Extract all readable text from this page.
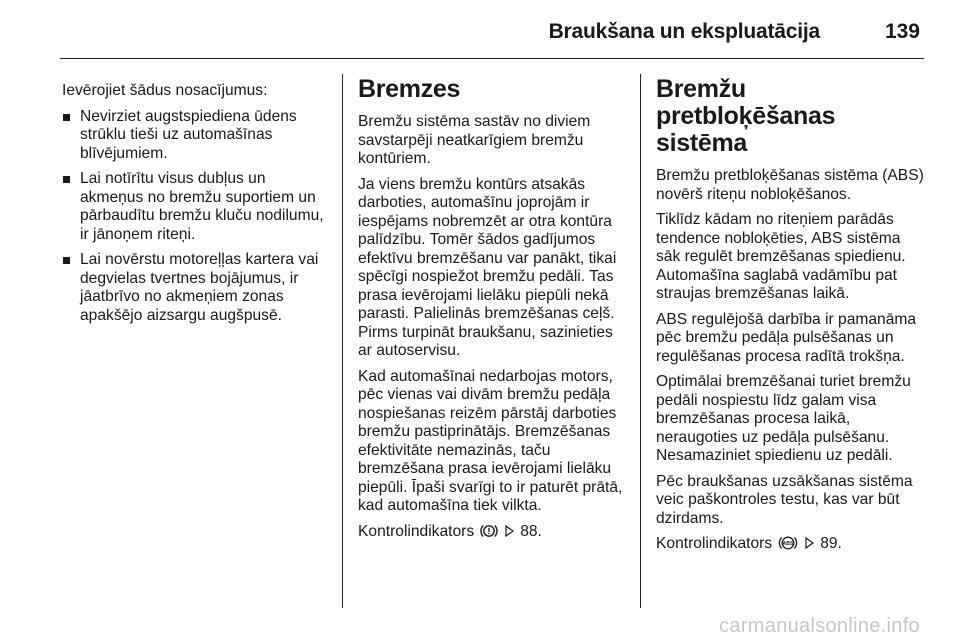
Braukšana un ekspluatācija	139

Ievērojiet šādus nosacījumus:

Nevirziet augstspiediena ūdens strūklu tieši uz automašīnas blīvējumiem.
Lai notīrītu visus dubļus un akmeņus no bremžu suportiem un pārbaudītu bremžu kluču nodilumu, ir jānoņem riteņi.
Lai novērstu motoreļļas kartera vai degvielas tvertnes bojājumus, ir jāatbrīvo no akmeņiem zonas apakšējo aizsargu augšpusē.
Bremzes

Bremžu sistēma sastāv no diviem savstarpēji neatkarīgiem bremžu kontūriem.

Ja viens bremžu kontūrs atsakās darboties, automašīnu joprojām ir iespējams nobremzēt ar otra kontūra palīdzību. Tomēr šādos gadījumos efektīvu bremzēšanu var panākt, tikai spēcīgi nospiežot bremžu pedāli. Tas prasa ievērojami lielāku piepūli nekā parasti. Palielinās bremzēšanas ceļš. Pirms turpināt braukšanu, sazinieties ar autoservisu.

Kad automašīnai nedarbojas motors, pēc vienas vai divām bremžu pedāļa nospiešanas reizēm pārstāj darboties bremžu pastiprinātājs. Bremzēšanas efektivitāte nemazinās, taču bremzēšana prasa ievērojami lielāku piepūli. Īpaši svarīgi to ir paturēt prātā, kad automašīna tiek vilkta.

Kontrolindikators	88.

Bremžu pretbloķēšanas sistēma

Bremžu pretbloķēšanas sistēma (ABS) novērš riteņu nobloķēšanos.

Tiklīdz kādam no riteņiem parādās tendence nobloķēties, ABS sistēma sāk regulēt bremzēšanas spiedienu. Automašīna saglabā vadāmību pat straujas bremzēšanas laikā.

ABS regulējošā darbība ir pamanāma pēc bremžu pedāļa pulsēšanas un regulēšanas procesa radītā trokšņa.

Optimālai bremzēšanai turiet bremžu pedāli nospiestu līdz galam visa bremzēšanas procesa laikā, neraugoties uz pedāļa pulsēšanu. Nesamaziniet spiedienu uz pedāli.

Pēc braukšanas uzsākšanas sistēma veic paškontroles testu, kas var būt dzirdams.

Kontrolindikators ABS 89.

carmanualsonline.info
